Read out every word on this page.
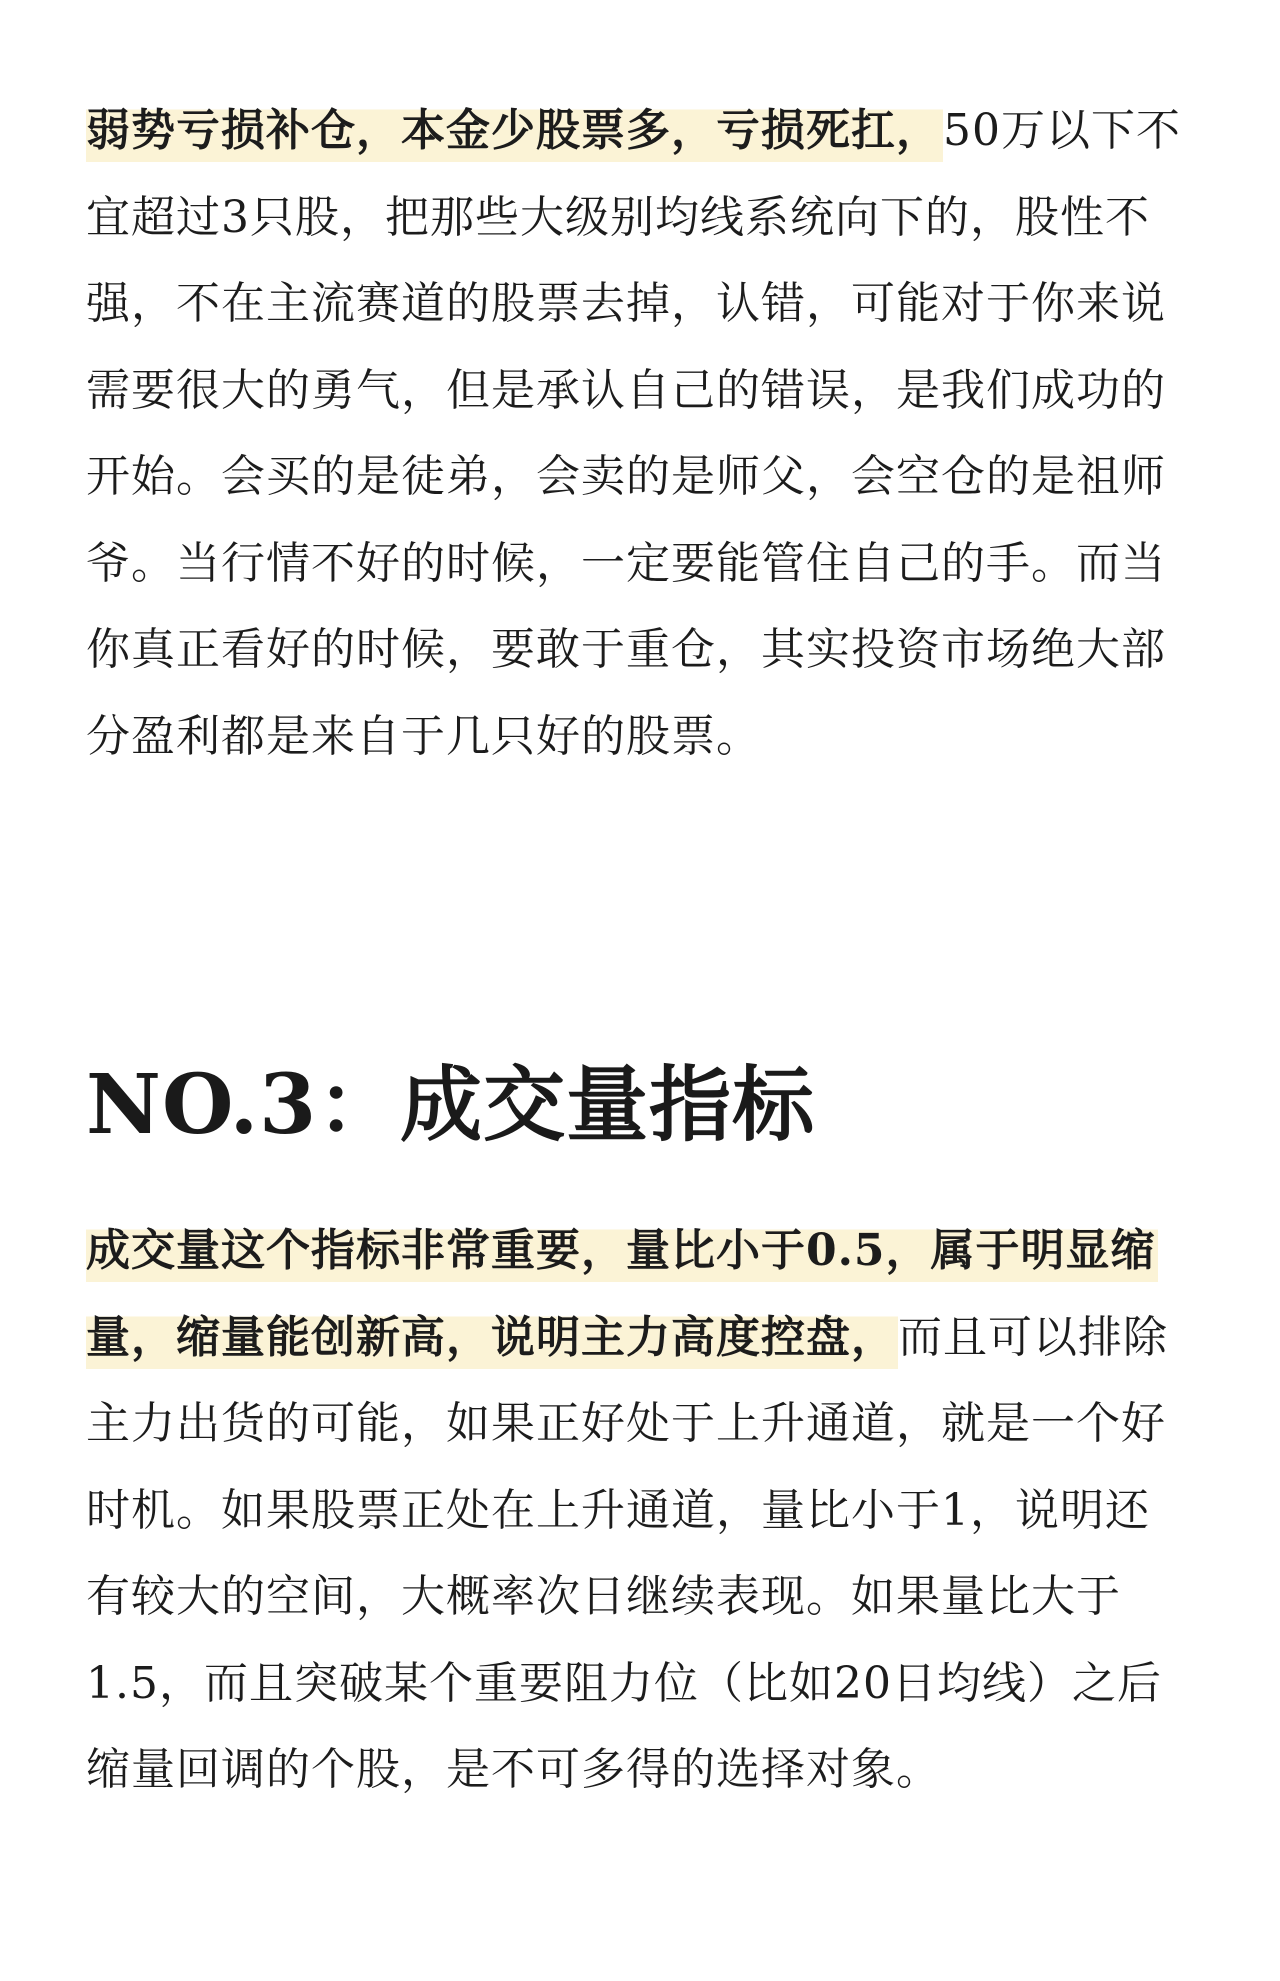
弱势亏损补仓，本金少股票多，亏损死扛，50万以下不宜超过3只股，把那些大级别均线系统向下的，股性不强，不在主流赛道的股票去掉，认错，可能对于你来说需要很大的勇气，但是承认自己的错误，是我们成功的开始。会买的是徒弟，会卖的是师父，会空仓的是祖师爷。当行情不好的时候，一定要能管住自己的手。而当你真正看好的时候，要敢于重仓，其实投资市场绝大部分盈利都是来自于几只好的股票。

NO.3：成交量指标

成交量这个指标非常重要，量比小于0.5，属于明显缩量，缩量能创新高，说明主力高度控盘，而且可以排除主力出货的可能，如果正好处于上升通道，就是一个好时机。如果股票正处在上升通道，量比小于1，说明还有较大的空间，大概率次日继续表现。如果量比大于1.5，而且突破某个重要阻力位（比如20日均线）之后缩量回调的个股，是不可多得的选择对象。
